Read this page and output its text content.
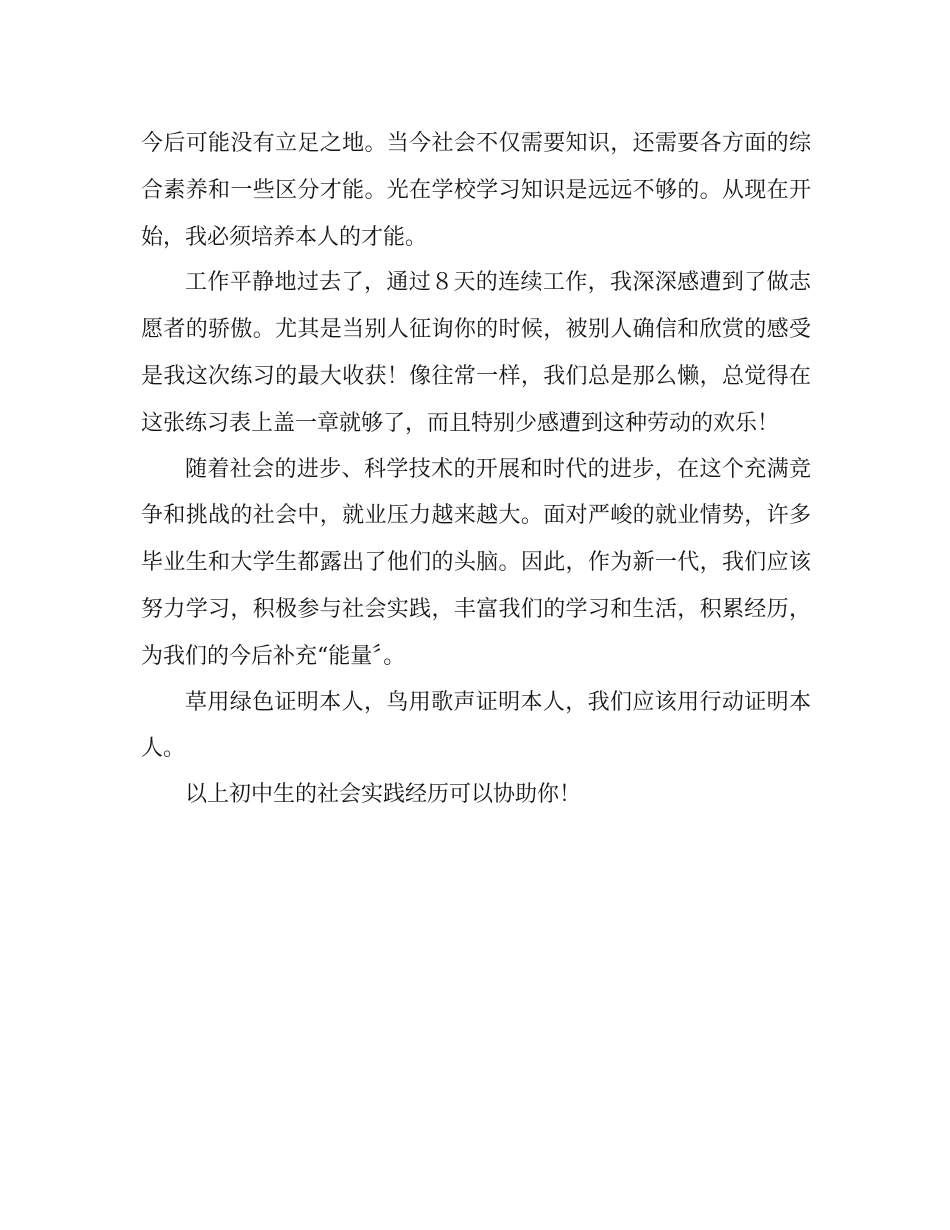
今后可能没有立足之地。当今社会不仅需要知识，还需要各方面的综合素养和一些区分才能。光在学校学习知识是远远不够的。从现在开始，我必须培养本人的才能。

工作平静地过去了，通过８天的连续工作，我深深感遭到了做志愿者的骄傲。尤其是当别人征询你的时候，被别人确信和欣赏的感受是我这次练习的最大收获！像往常一样，我们总是那么懒，总觉得在这张练习表上盖一章就够了，而且特别少感遭到这种劳动的欢乐！

随着社会的进步、科学技术的开展和时代的进步，在这个充满竞争和挑战的社会中，就业压力越来越大。面对严峻的就业情势，许多毕业生和大学生都露出了他们的头脑。因此，作为新一代，我们应该努力学习，积极参与社会实践，丰富我们的学习和生活，积累经历，为我们的今后补充“能量〞。

草用绿色证明本人，鸟用歌声证明本人，我们应该用行动证明本人。

以上初中生的社会实践经历可以协助你！
